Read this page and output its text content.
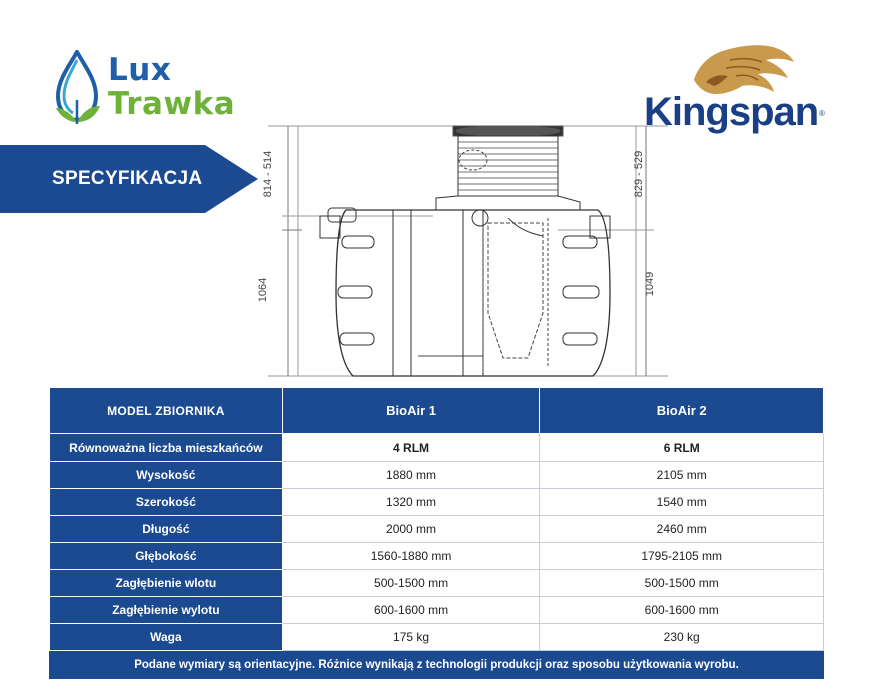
Lux
Trawka	Kingspan ®
SPECYFIKACJA	814 - 514
1064
829 - 529
1049
MODEL ZBIORNIKA	BioAir 1	BioAir 2
Równoważna liczba mieszkańców	4 RLM	6 RLM
Wysokość	1880 mm	2105 mm
Szerokość	1320 mm	1540 mm
Długość	2000 mm	2460 mm
Głębokość	1560-1880 mm	1795-2105 mm
Zagłębienie wlotu	500-1500 mm	500-1500 mm
Zagłębienie wylotu	600-1600 mm	600-1600 mm
Waga	175 kg	230 kg
Podane wymiary są orientacyjne. Różnice wynikają z technologii produkcji oraz sposobu użytkowania wyrobu.		
